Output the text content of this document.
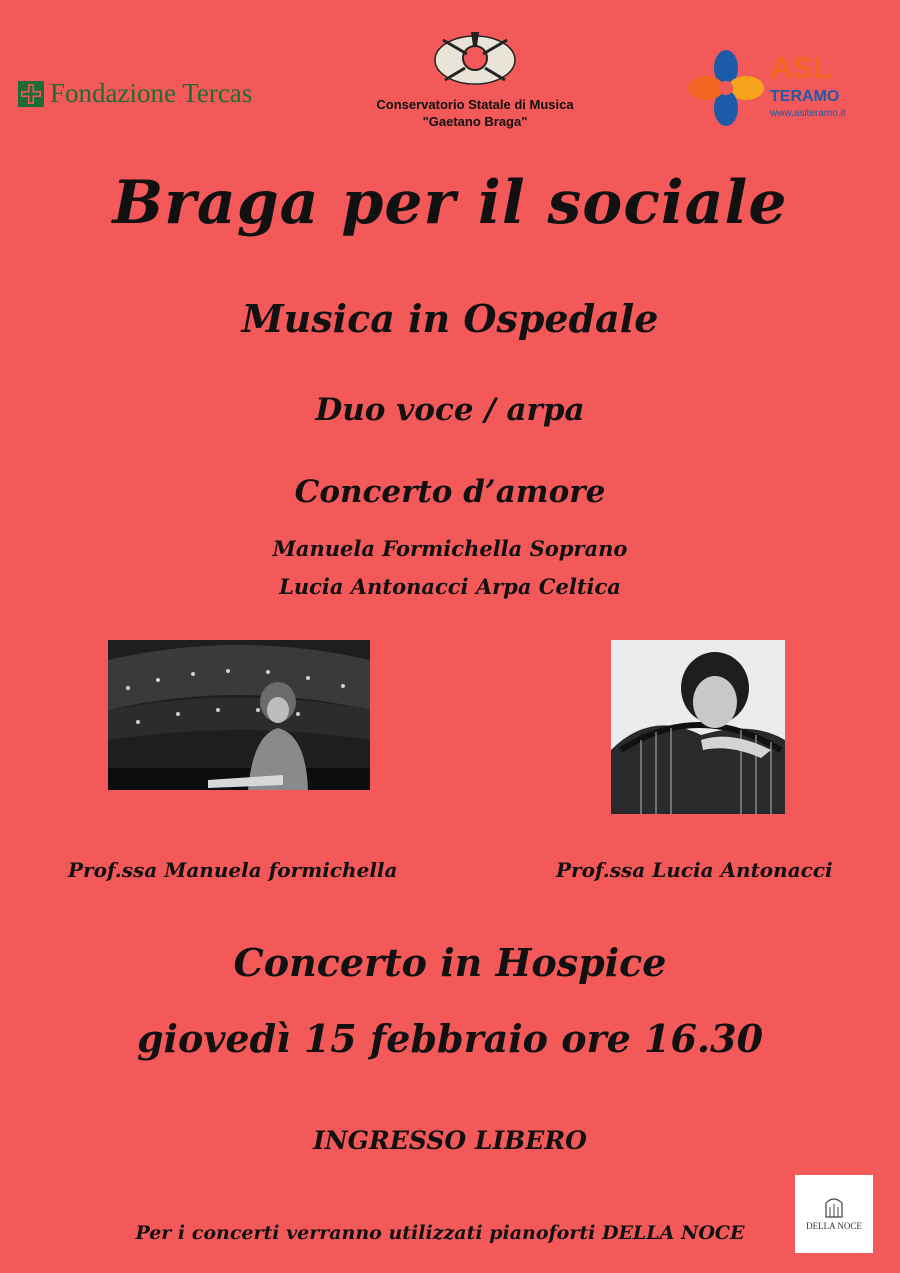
Fondazione Tercas	Conservatorio Statale di Musica
"Gaetano Braga"
ASL
TERAMO
www.aslteramo.it
Braga per il sociale
Musica in Ospedale
Duo voce / arpa
Concerto d’amore
Manuela Formichella Soprano
Lucia Antonacci Arpa Celtica
Prof.ssa Manuela formichella	Prof.ssa Lucia Antonacci
Concerto in Hospice
giovedì 15 febbraio ore 16.30
INGRESSO LIBERO
Per i concerti verranno utilizzati pianoforti DELLA NOCE	DELLA NOCE
